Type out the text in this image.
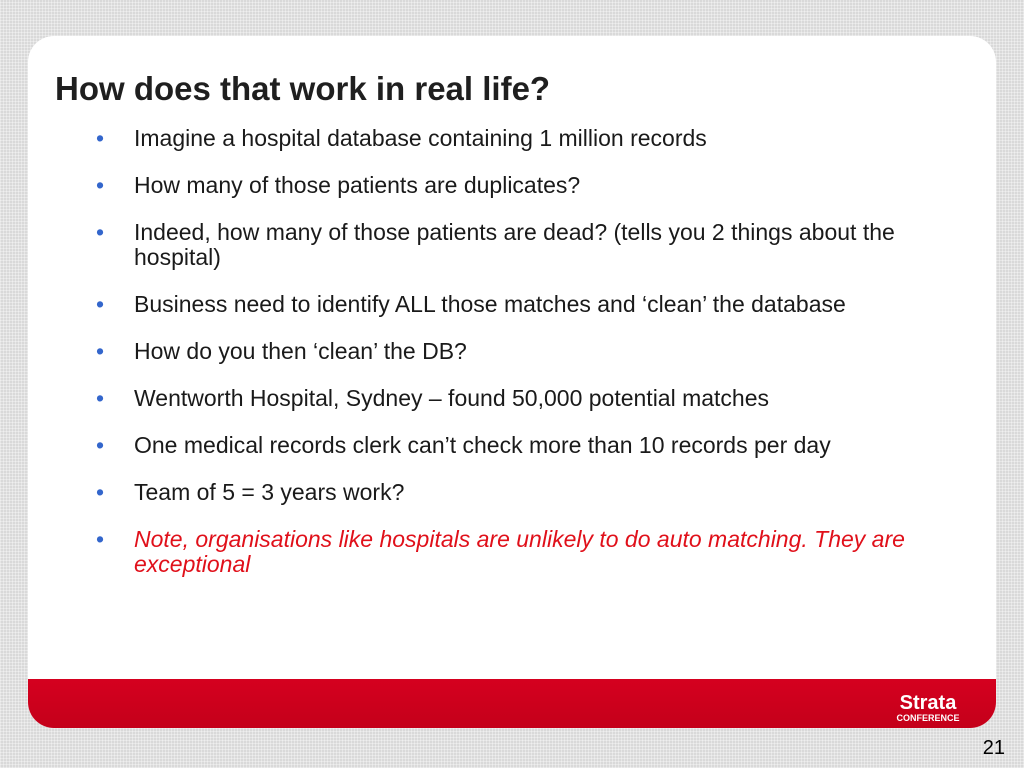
How does that work in real life?
•	Imagine a hospital database containing 1 million records
•	How many of those patients are duplicates?
•	Indeed, how many of those patients are dead? (tells you 2 things about the hospital)
•	Business need to identify ALL those matches and ‘clean’ the database
•	How do you then ‘clean’ the DB?
•	Wentworth Hospital, Sydney – found 50,000 potential matches
•	One medical records clerk can’t check more than 10 records per day
•	Team of 5 = 3 years work?
•	Note, organisations like hospitals are unlikely to do auto matching. They are exceptional
Strata
CONFERENCE
21
